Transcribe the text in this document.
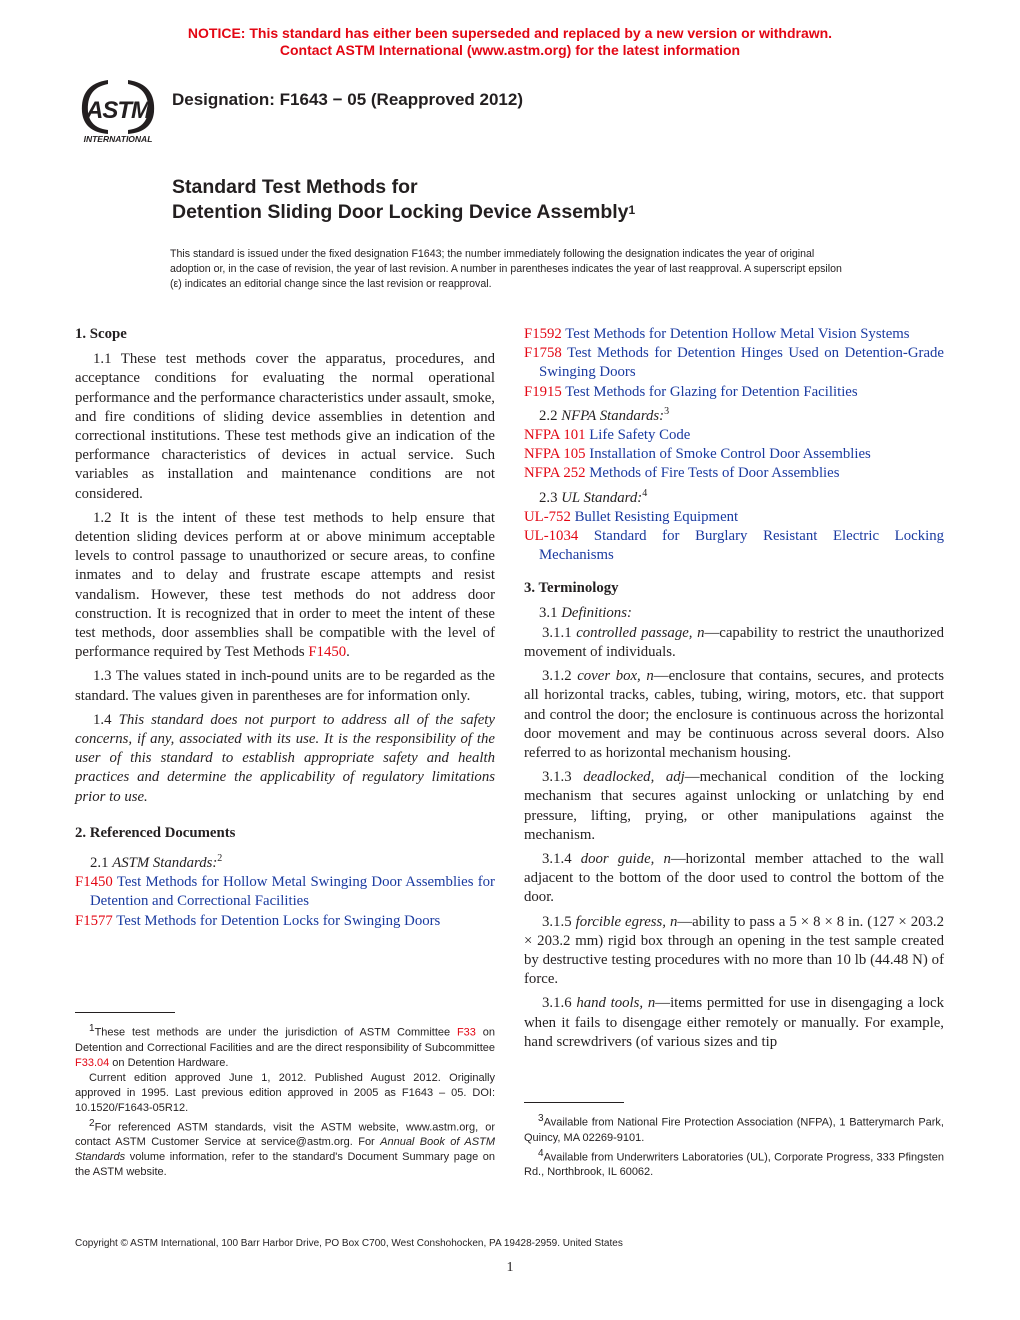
NOTICE: This standard has either been superseded and replaced by a new version or withdrawn.
Contact ASTM International (www.astm.org) for the latest information
ASTM
INTERNATIONAL
Designation: F1643 − 05 (Reapproved 2012)
Standard Test Methods for
Detention Sliding Door Locking Device Assembly$^1$
This standard is issued under the fixed designation F1643; the number immediately following the designation indicates the year of original adoption or, in the case of revision, the year of last revision. A number in parentheses indicates the year of last reapproval. A superscript epsilon (ε) indicates an editorial change since the last revision or reapproval.
1. Scope

1.1 These test methods cover the apparatus, procedures, and acceptance conditions for evaluating the normal operational performance and the performance characteristics under assault, smoke, and fire conditions of sliding device assemblies in detention and correctional institutions. These test methods give an indication of the performance characteristics of devices in actual service. Such variables as installation and maintenance conditions are not considered.

1.2 It is the intent of these test methods to help ensure that detention sliding devices perform at or above minimum acceptable levels to control passage to unauthorized or secure areas, to confine inmates and to delay and frustrate escape attempts and resist vandalism. However, these test methods do not address door construction. It is recognized that in order to meet the intent of these test methods, door assemblies shall be compatible with the level of performance required by Test Methods F1450.

1.3 The values stated in inch-pound units are to be regarded as the standard. The values given in parentheses are for information only.

1.4 This standard does not purport to address all of the safety concerns, if any, associated with its use. It is the responsibility of the user of this standard to establish appropriate safety and health practices and determine the applicability of regulatory limitations prior to use.

2. Referenced Documents
2.1 ASTM Standards:$^2$
F1450 Test Methods for Hollow Metal Swinging Door Assemblies for Detention and Correctional Facilities
F1577 Test Methods for Detention Locks for Swinging Doors
F1592 Test Methods for Detention Hollow Metal Vision Systems
F1758 Test Methods for Detention Hinges Used on Detention-Grade Swinging Doors
F1915 Test Methods for Glazing for Detention Facilities
2.2 NFPA Standards:$^3$
NFPA 101 Life Safety Code
NFPA 105 Installation of Smoke Control Door Assemblies
NFPA 252 Methods of Fire Tests of Door Assemblies
2.3 UL Standard:$^4$
UL-752 Bullet Resisting Equipment
UL-1034 Standard for Burglary Resistant Electric Locking Mechanisms
3. Terminology
3.1 Definitions:

3.1.1 controlled passage, n—capability to restrict the unauthorized movement of individuals.

3.1.2 cover box, n—enclosure that contains, secures, and protects all horizontal tracks, cables, tubing, wiring, motors, etc. that support and control the door; the enclosure is continuous across the horizontal door movement and may be continuous across several doors. Also referred to as horizontal mechanism housing.

3.1.3 deadlocked, adj—mechanical condition of the locking mechanism that secures against unlocking or unlatching by end pressure, lifting, prying, or other manipulations against the mechanism.

3.1.4 door guide, n—horizontal member attached to the wall adjacent to the bottom of the door used to control the bottom of the door.

3.1.5 forcible egress, n—ability to pass a 5 × 8 × 8 in. (127 × 203.2 × 203.2 mm) rigid box through an opening in the test sample created by destructive testing procedures with no more than 10 lb (44.48 N) of force.

3.1.6 hand tools, n—items permitted for use in disengaging a lock when it fails to disengage either remotely or manually. For example, hand screwdrivers (of various sizes and tip

$^1$These test methods are under the jurisdiction of ASTM Committee F33 on Detention and Correctional Facilities and are the direct responsibility of Subcommittee F33.04 on Detention Hardware.

Current edition approved June 1, 2012. Published August 2012. Originally approved in 1995. Last previous edition approved in 2005 as F1643 – 05. DOI: 10.1520/F1643-05R12.

$^2$For referenced ASTM standards, visit the ASTM website, www.astm.org, or contact ASTM Customer Service at service@astm.org. For Annual Book of ASTM Standards volume information, refer to the standard's Document Summary page on the ASTM website.

$^3$Available from National Fire Protection Association (NFPA), 1 Batterymarch Park, Quincy, MA 02269-9101.

$^4$Available from Underwriters Laboratories (UL), Corporate Progress, 333 Pfingsten Rd., Northbrook, IL 60062.

Copyright © ASTM International, 100 Barr Harbor Drive, PO Box C700, West Conshohocken, PA 19428-2959. United States
1
